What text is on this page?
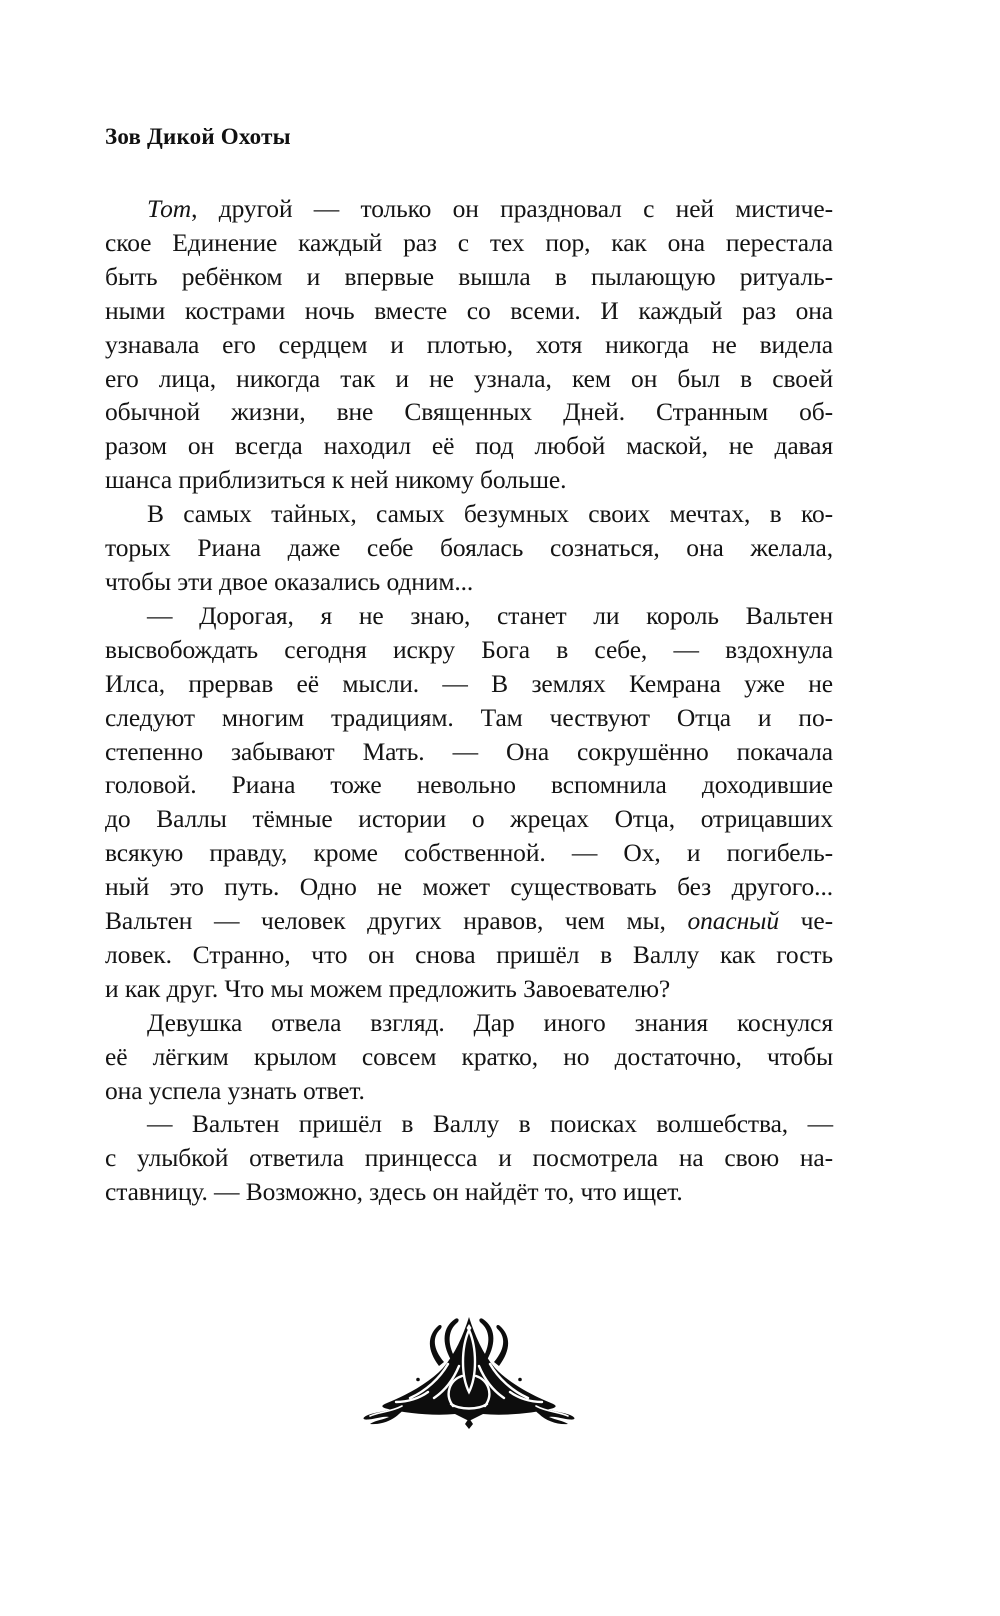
Зов Дикой Охоты
Тот, другой — только он праздновал с ней мистиче-
ское Единение каждый раз с тех пор, как она перестала
быть ребёнком и впервые вышла в пылающую ритуаль-
ными кострами ночь вместе со всеми. И каждый раз она
узнавала его сердцем и плотью, хотя никогда не видела
его лица, никогда так и не узнала, кем он был в своей
обычной жизни, вне Священных Дней. Странным об-
разом он всегда находил её под любой маской, не давая
шанса приблизиться к ней никому больше.
В самых тайных, самых безумных своих мечтах, в ко-
торых Риана даже себе боялась сознаться, она желала,
чтобы эти двое оказались одним...
— Дорогая, я не знаю, станет ли король Вальтен
высвобождать сегодня искру Бога в себе, — вздохнула
Илса, прервав её мысли. — В землях Кемрана уже не
следуют многим традициям. Там чествуют Отца и по-
степенно забывают Мать. — Она сокрушённо покачала
головой. Риана тоже невольно вспомнила доходившие
до Валлы тёмные истории о жрецах Отца, отрицавших
всякую правду, кроме собственной. — Ох, и погибель-
ный это путь. Одно не может существовать без другого...
Вальтен — человек других нравов, чем мы, опасный че-
ловек. Странно, что он снова пришёл в Валлу как гость
и как друг. Что мы можем предложить Завоевателю?
Девушка отвела взгляд. Дар иного знания коснулся
её лёгким крылом совсем кратко, но достаточно, чтобы
она успела узнать ответ.
— Вальтен пришёл в Валлу в поисках волшебства, —
с улыбкой ответила принцесса и посмотрела на свою на-
ставницу. — Возможно, здесь он найдёт то, что ищет.
